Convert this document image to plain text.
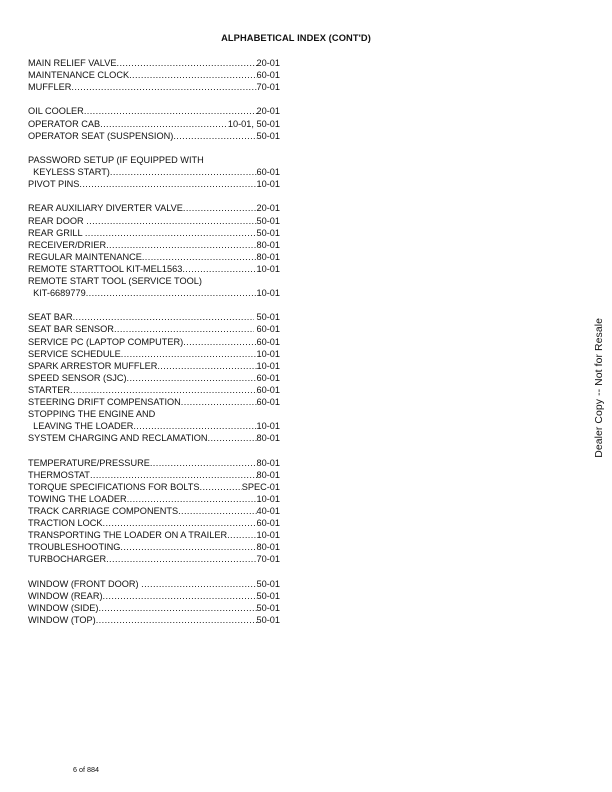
ALPHABETICAL INDEX (CONT'D)
MAIN RELIEF VALVE .....	20-01
MAINTENANCE CLOCK .....	60-01
MUFFLER .....	70-01
OIL COOLER .....	20-01
OPERATOR CAB .....	10-01, 50-01
OPERATOR SEAT (SUSPENSION) .....	50-01
PASSWORD SETUP (IF EQUIPPED WITH
KEYLESS START) .....	60-01
PIVOT PINS .....	10-01
REAR AUXILIARY DIVERTER VALVE .....	20-01
REAR DOOR .....	50-01
REAR GRILL .....	50-01
RECEIVER/DRIER .....	80-01
REGULAR MAINTENANCE .....	80-01
REMOTE STARTTOOL KIT-MEL1563 .....	10-01
REMOTE START TOOL (SERVICE TOOL)
KIT-6689779 .....	10-01
SEAT BAR .....	50-01
SEAT BAR SENSOR .....	60-01
SERVICE PC (LAPTOP COMPUTER) .....	60-01
SERVICE SCHEDULE .....	10-01
SPARK ARRESTOR MUFFLER .....	10-01
SPEED SENSOR (SJC) .....	60-01
STARTER .....	60-01
STEERING DRIFT COMPENSATION .....	60-01
STOPPING THE ENGINE AND
LEAVING THE LOADER .....	10-01
SYSTEM CHARGING AND RECLAMATION .....	80-01
TEMPERATURE/PRESSURE .....	80-01
THERMOSTAT .....	80-01
TORQUE SPECIFICATIONS FOR BOLTS .....	SPEC-01
TOWING THE LOADER .....	10-01
TRACK CARRIAGE COMPONENTS .....	40-01
TRACTION LOCK .....	60-01
TRANSPORTING THE LOADER ON A TRAILER .....	10-01
TROUBLESHOOTING .....	80-01
TURBOCHARGER .....	70-01
WINDOW (FRONT DOOR) .....	50-01
WINDOW (REAR) .....	50-01
WINDOW (SIDE) .....	50-01
WINDOW (TOP) .....	50-01
Dealer Copy -- Not for Resale
6 of 884
